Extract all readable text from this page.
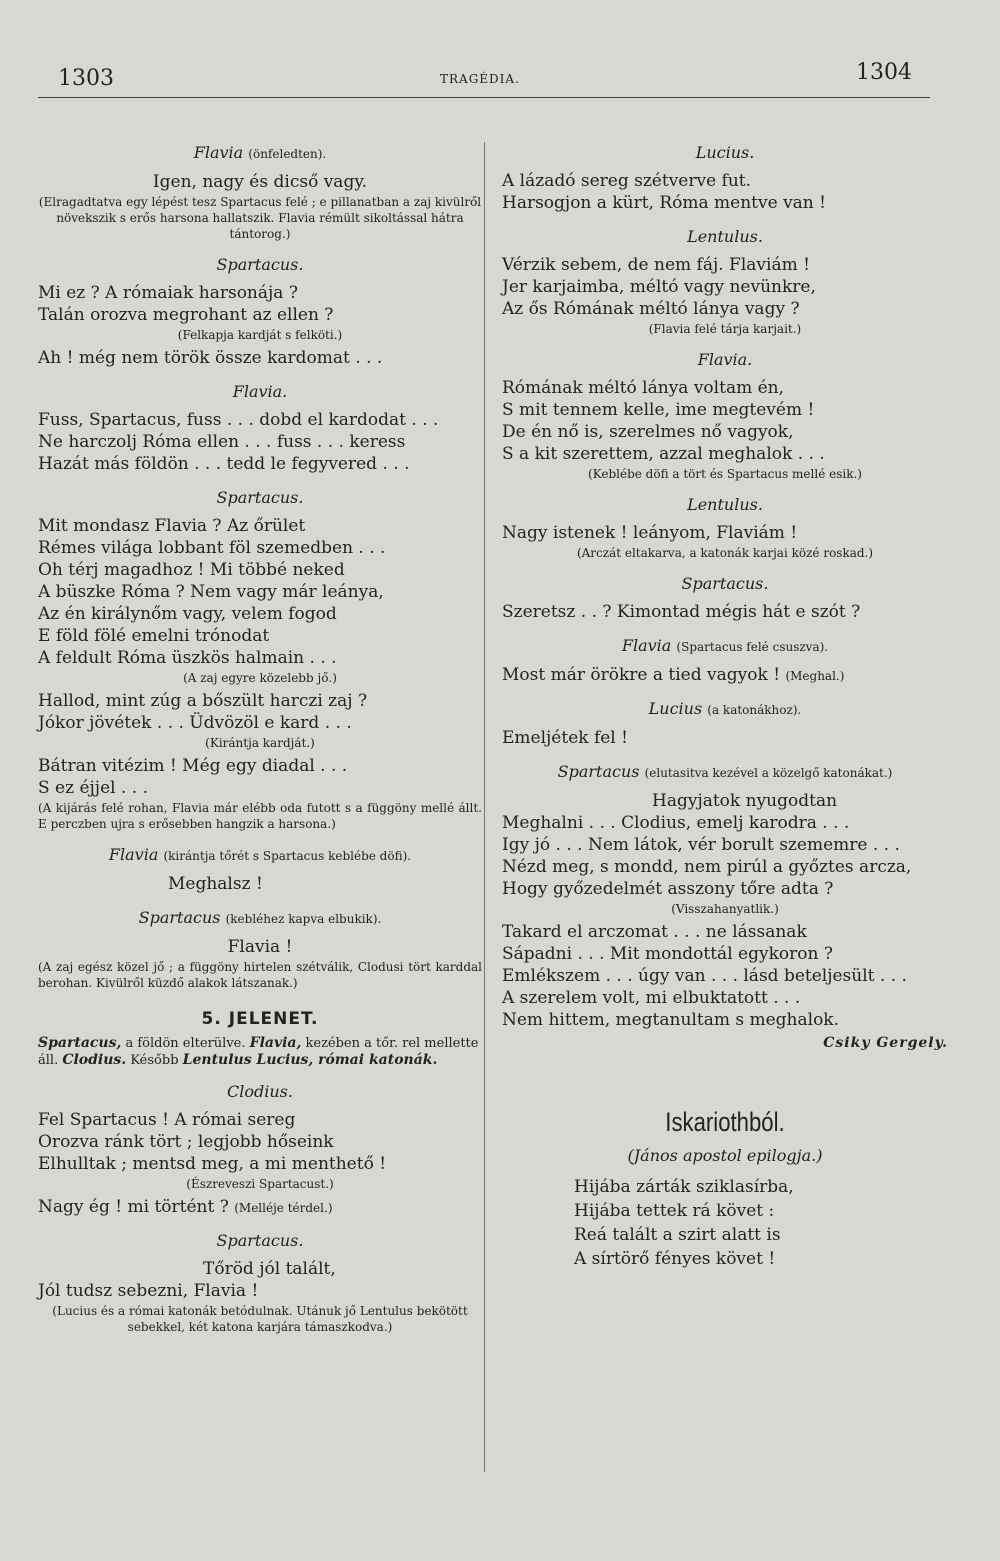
1303	TRAGÉDIA.	1304

Flavia (önfeledten).

Igen, nagy és dicső vagy.

(Elragadtatva egy lépést tesz Spartacus felé ; e pillanatban a zaj kivülről növekszik s erős harsona hallatszik. Flavia rémült sikoltással hátra tántorog.)

Spartacus.

Mi ez ? A rómaiak harsonája ?

Talán orozva megrohant az ellen ?

(Felkapja kardját s felköti.)

Ah ! még nem török össze kardomat . . .

Flavia.

Fuss, Spartacus, fuss . . . dobd el kardodat . . .

Ne harczolj Róma ellen . . . fuss . . . keress

Hazát más földön . . . tedd le fegyvered . . .

Spartacus.

Mit mondasz Flavia ? Az őrület

Rémes világa lobbant föl szemedben . . .

Oh térj magadhoz ! Mi többé neked

A büszke Róma ? Nem vagy már leánya,

Az én királynőm vagy, velem fogod

E föld fölé emelni trónodat

A feldult Róma üszkös halmain . . .

(A zaj egyre közelebb jő.)

Hallod, mint zúg a bőszült harczi zaj ?

Jókor jövétek . . . Üdvözöl e kard . . .

(Kirántja kardját.)

Bátran vitézim ! Még egy diadal . . .

S ez éjjel . . .

(A kijárás felé rohan, Flavia már elébb oda futott s a függöny mellé állt. E perczben ujra s erősebben hangzik a harsona.)

Flavia (kirántja tőrét s Spartacus keblébe döfi).

Meghalsz !

Spartacus (kebléhez kapva elbukik).

Flavia !

(A zaj egész közel jő ; a függöny hirtelen szétválik, Clodusi tört karddal berohan. Kivülről küzdő alakok látszanak.)

5. JELENET.

Spartacus, a földön elterülve. Flavia, kezében a tőr. rel mellette áll. Clodius. Később Lentulus Lucius, római katonák.

Clodius.

Fel Spartacus ! A római sereg

Orozva ránk tört ; legjobb hőseink

Elhulltak ; mentsd meg, a mi menthető !

(Észreveszi Spartacust.)

Nagy ég ! mi történt ? (Melléje térdel.)

Spartacus.

Tőröd jól talált,

Jól tudsz sebezni, Flavia !

(Lucius és a római katonák betódulnak. Utánuk jő Lentulus bekötött sebekkel, két katona karjára támaszkodva.)

Lucius.

A lázadó sereg szétverve fut.

Harsogjon a kürt, Róma mentve van !

Lentulus.

Vérzik sebem, de nem fáj. Flaviám !

Jer karjaimba, méltó vagy nevünkre,

Az ős Rómának méltó lánya vagy ?

(Flavia felé tárja karjait.)

Flavia.

Rómának méltó lánya voltam én,

S mit tennem kelle, ime megtevém !

De én nő is, szerelmes nő vagyok,

S a kit szerettem, azzal meghalok . . .

(Keblébe döfi a tört és Spartacus mellé esik.)

Lentulus.

Nagy istenek ! leányom, Flaviám !

(Arczát eltakarva, a katonák karjai közé roskad.)

Spartacus.

Szeretsz . . ? Kimontad mégis hát e szót ?

Flavia (Spartacus felé csuszva).

Most már örökre a tied vagyok ! (Meghal.)

Lucius (a katonákhoz).

Emeljétek fel !

Spartacus (elutasitva kezével a közelgő katonákat.)

Hagyjatok nyugodtan

Meghalni . . . Clodius, emelj karodra . . .

Igy jó . . . Nem látok, vér borult szememre . . .

Nézd meg, s mondd, nem pirúl a győztes arcza,

Hogy győzedelmét asszony tőre adta ?

(Visszahanyatlik.)

Takard el arczomat . . . ne lássanak

Sápadni . . . Mit mondottál egykoron ?

Emlékszem . . . úgy van . . . lásd beteljesült . . .

A szerelem volt, mi elbuktatott . . .

Nem hittem, megtanultam s meghalok.

Csiky Gergely.

Iskariothból.

(János apostol epilogja.)

Hijába zárták sziklasírba,

Hijába tettek rá követ :

Reá talált a szirt alatt is

A sírtörő fényes követ !
